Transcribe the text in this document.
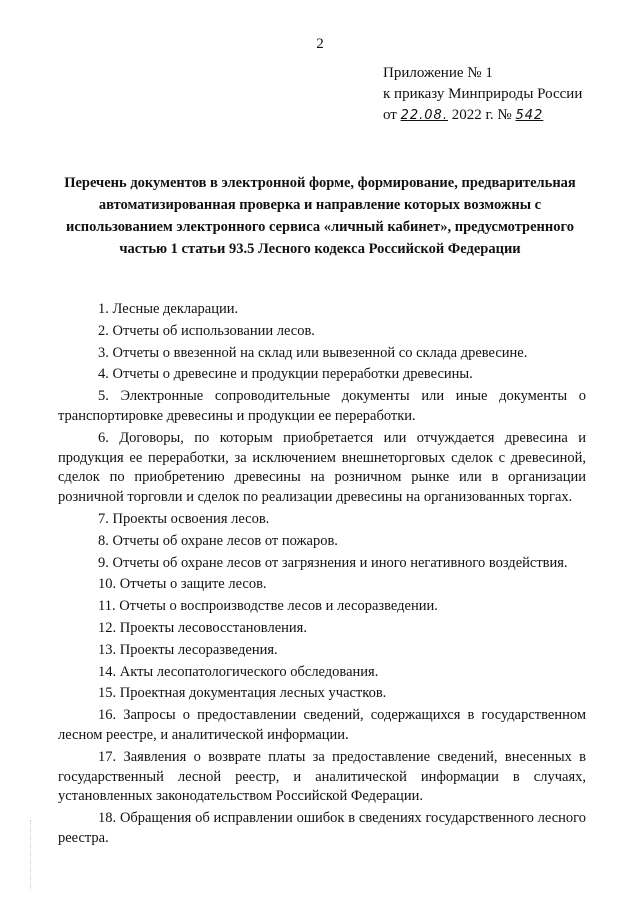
2
Приложение № 1
к приказу Минприроды России
от 22.08. 2022 г. № 542
Перечень документов в электронной форме, формирование, предварительная автоматизированная проверка и направление которых возможны с использованием электронного сервиса «личный кабинет», предусмотренного частью 1 статьи 93.5 Лесного кодекса Российской Федерации

1. Лесные декларации.

2. Отчеты об использовании лесов.

3. Отчеты о ввезенной на склад или вывезенной со склада древесине.

4. Отчеты о древесине и продукции переработки древесины.

5. Электронные сопроводительные документы или иные документы о транспортировке древесины и продукции ее переработки.

6. Договоры, по которым приобретается или отчуждается древесина и продукция ее переработки, за исключением внешнеторговых сделок с древесиной, сделок по приобретению древесины на розничном рынке или в организации розничной торговли и сделок по реализации древесины на организованных торгах.

7. Проекты освоения лесов.

8. Отчеты об охране лесов от пожаров.

9. Отчеты об охране лесов от загрязнения и иного негативного воздействия.

10. Отчеты о защите лесов.

11. Отчеты о воспроизводстве лесов и лесоразведении.

12. Проекты лесовосстановления.

13. Проекты лесоразведения.

14. Акты лесопатологического обследования.

15. Проектная документация лесных участков.

16. Запросы о предоставлении сведений, содержащихся в государственном лесном реестре, и аналитической информации.

17. Заявления о возврате платы за предоставление сведений, внесенных в государственный лесной реестр, и аналитической информации в случаях, установленных законодательством Российской Федерации.

18. Обращения об исправлении ошибок в сведениях государственного лесного реестра.
